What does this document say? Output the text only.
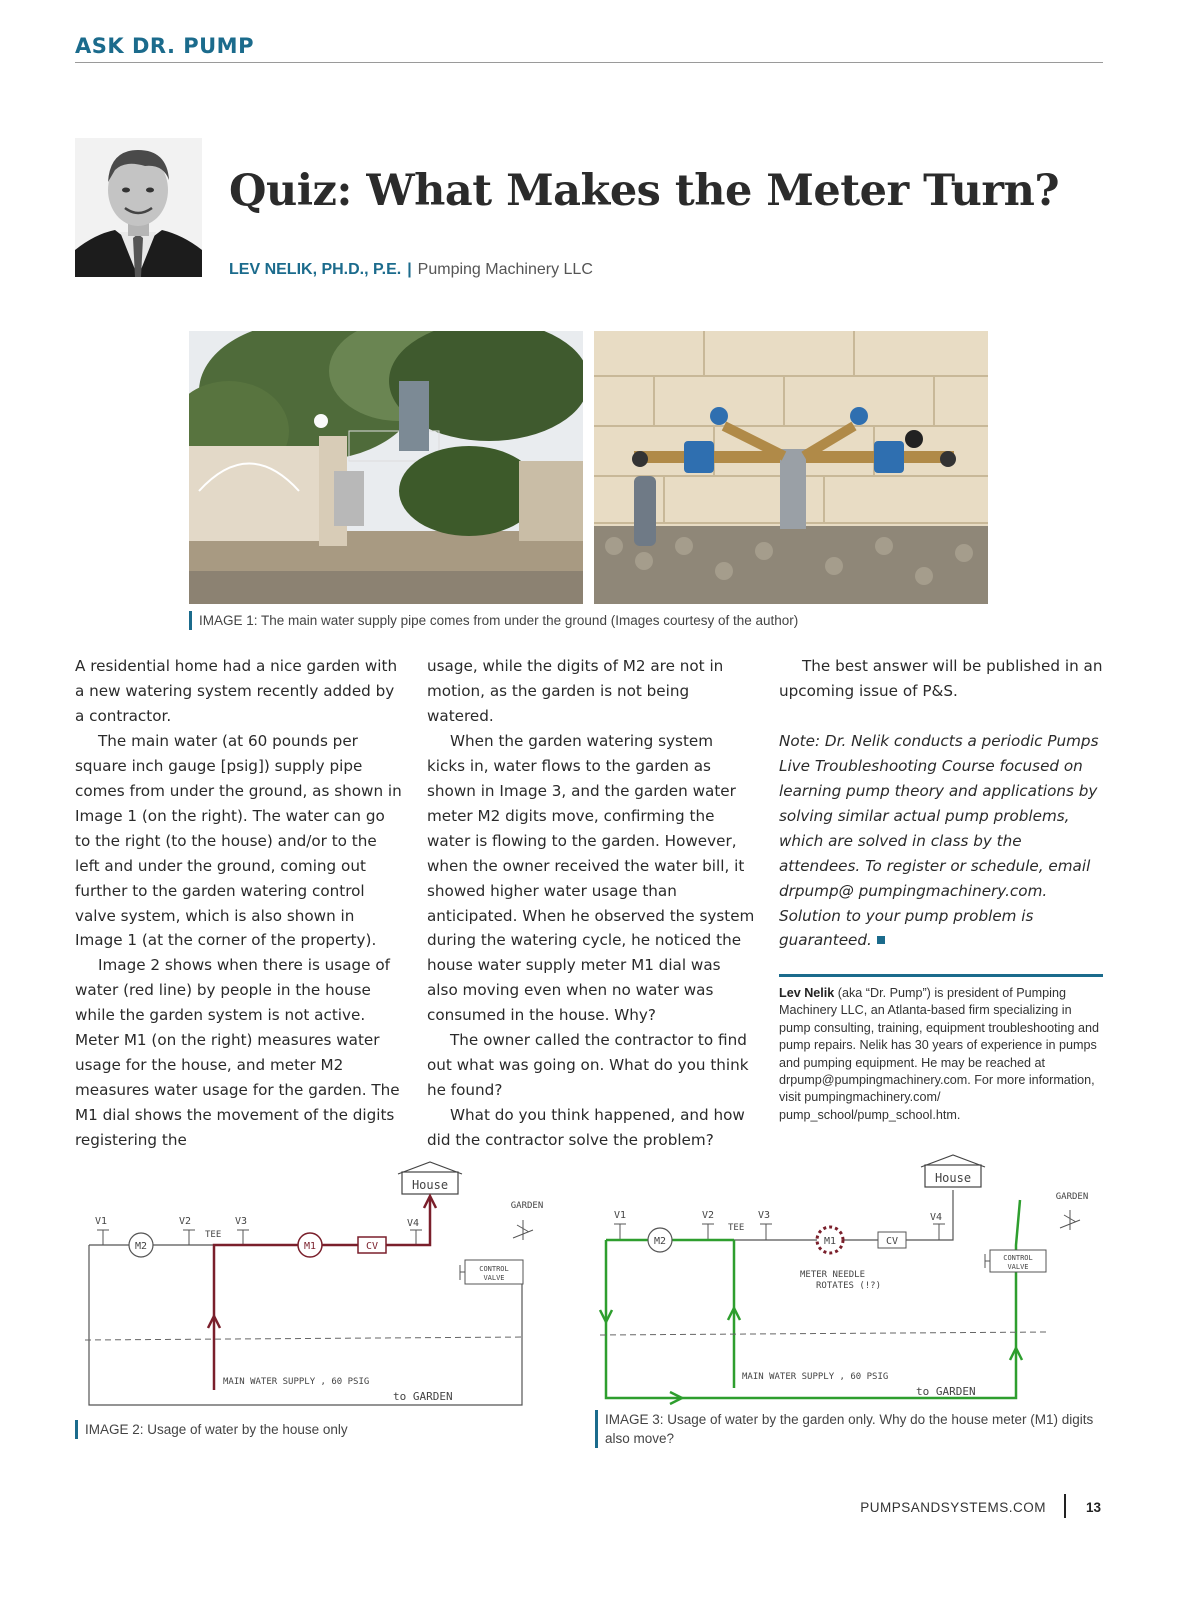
ASK DR. PUMP
Quiz: What Makes the Meter Turn?
LEV NELIK, PH.D., P.E. | Pumping Machinery LLC
IMAGE 1: The main water supply pipe comes from under the ground (Images courtesy of the author)

A residential home had a nice garden with a new watering system recently added by a contractor.

The main water (at 60 pounds per square inch gauge [psig]) supply pipe comes from under the ground, as shown in Image 1 (on the right). The water can go to the right (to the house) and/or to the left and under the ground, coming out further to the garden watering control valve system, which is also shown in Image 1 (at the corner of the property).

Image 2 shows when there is usage of water (red line) by people in the house while the garden system is not active. Meter M1 (on the right) measures water usage for the house, and meter M2 measures water usage for the garden. The M1 dial shows the movement of the digits registering the

usage, while the digits of M2 are not in motion, as the garden is not being watered.

When the garden watering system kicks in, water flows to the garden as shown in Image 3, and the garden water meter M2 digits move, confirming the water is flowing to the garden. However, when the owner received the water bill, it showed higher water usage than anticipated. When he observed the system during the watering cycle, he noticed the house water supply meter M1 dial was also moving even when no water was consumed in the house. Why?

The owner called the contractor to find out what was going on. What do you think he found?

What do you think happened, and how did the contractor solve the problem?

The best answer will be published in an upcoming issue of P&S.

Note: Dr. Nelik conducts a periodic Pumps Live Troubleshooting Course focused on learning pump theory and applications by solving similar actual pump problems, which are solved in class by the attendees. To register or schedule, email drpump@ pumpingmachinery.com. Solution to your pump problem is guaranteed.

Lev Nelik (aka “Dr. Pump”) is president of Pumping Machinery LLC, an Atlanta-based firm specializing in pump consulting, training, equipment troubleshooting and pump repairs. Nelik has 30 years of experience in pumps and pumping equipment. He may be reached at drpump@pumpingmachinery.com. For more information, visit pumpingmachinery.com/ pump_school/pump_school.htm.
House
GARDEN
V1	V2	V3	V4
M2
TEE
M1	CV
CONTROL
VALVE
MAIN WATER SUPPLY , 60 PSIG
to GARDEN
IMAGE 2: Usage of water by the house only
House
GARDEN
V1	V2	V3	V4
TEE
M1	CV
METER NEEDLE
ROTATES (!?)
M2
CONTROL
VALVE
MAIN WATER SUPPLY , 60 PSIG
to GARDEN
IMAGE 3: Usage of water by the garden only. Why do the house meter (M1) digits also move?
PUMPSANDSYSTEMS.COM	13
